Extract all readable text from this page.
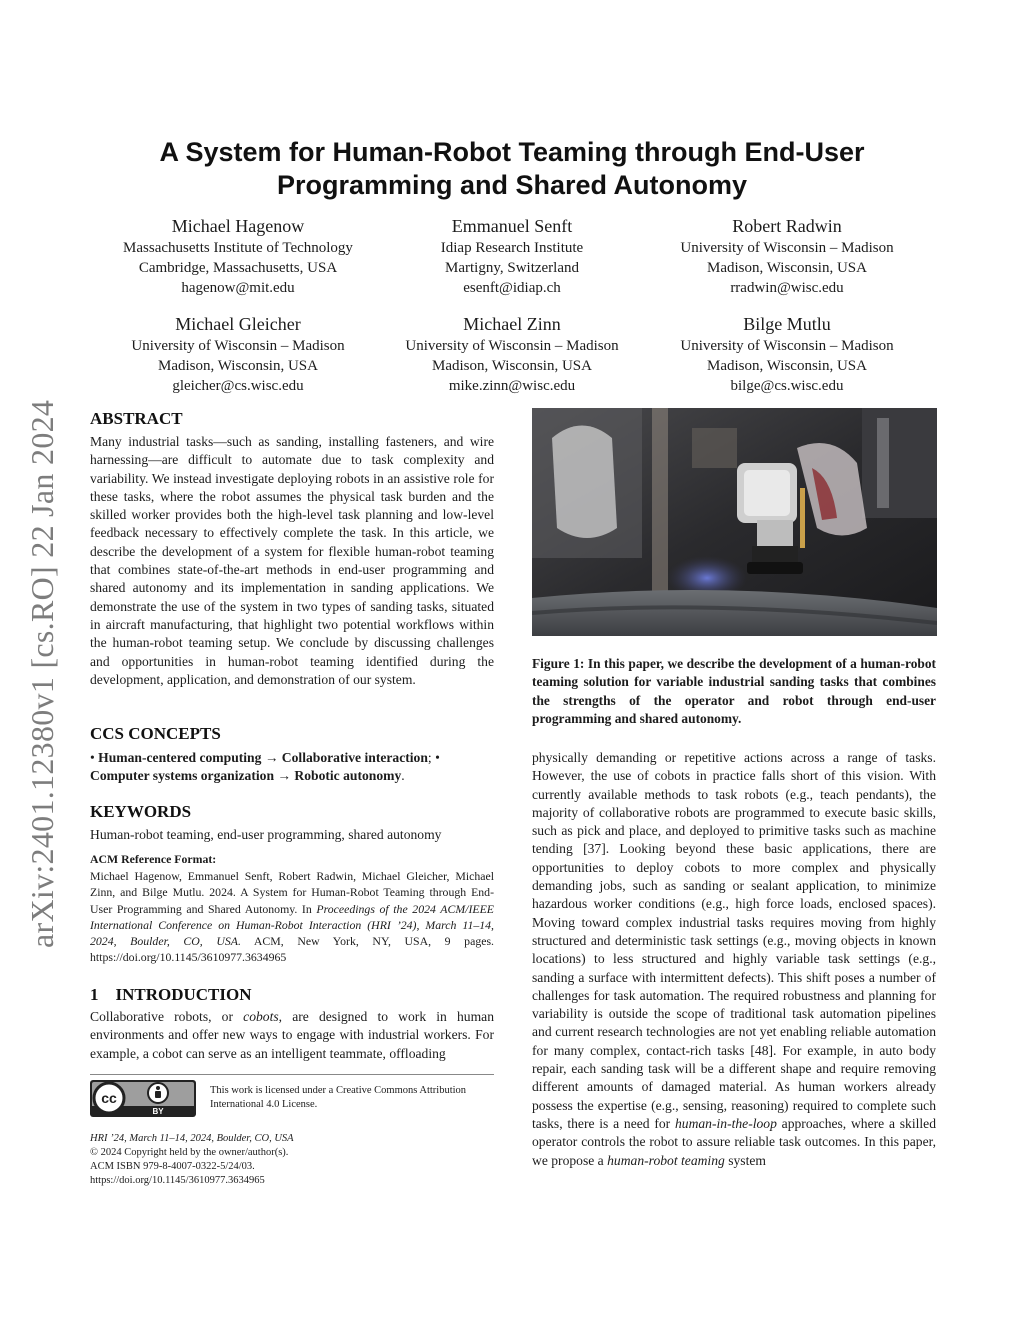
arXiv:2401.12380v1 [cs.RO] 22 Jan 2024
A System for Human-Robot Teaming through End-User
Programming and Shared Autonomy
Michael Hagenow
Massachusetts Institute of Technology
Cambridge, Massachusetts, USA
hagenow@mit.edu
Emmanuel Senft
Idiap Research Institute
Martigny, Switzerland
esenft@idiap.ch
Robert Radwin
University of Wisconsin – Madison
Madison, Wisconsin, USA
rradwin@wisc.edu
Michael Gleicher
University of Wisconsin – Madison
Madison, Wisconsin, USA
gleicher@cs.wisc.edu
Michael Zinn
University of Wisconsin – Madison
Madison, Wisconsin, USA
mike.zinn@wisc.edu
Bilge Mutlu
University of Wisconsin – Madison
Madison, Wisconsin, USA
bilge@cs.wisc.edu
ABSTRACT
Many industrial tasks—such as sanding, installing fasteners, and wire harnessing—are difficult to automate due to task complexity and variability. We instead investigate deploying robots in an assistive role for these tasks, where the robot assumes the physical task burden and the skilled worker provides both the high-level task planning and low-level feedback necessary to effectively complete the task. In this article, we describe the development of a system for flexible human-robot teaming that combines state-of-the-art methods in end-user programming and shared autonomy and its implementation in sanding applications. We demonstrate the use of the system in two types of sanding tasks, situated in aircraft manufacturing, that highlight two potential workflows within the human-robot teaming setup. We conclude by discussing challenges and opportunities in human-robot teaming identified during the development, application, and demonstration of our system.
CCS CONCEPTS
• Human-centered computing → Collaborative interaction; • Computer systems organization → Robotic autonomy.
KEYWORDS
Human-robot teaming, end-user programming, shared autonomy
ACM Reference Format:
Michael Hagenow, Emmanuel Senft, Robert Radwin, Michael Gleicher, Michael Zinn, and Bilge Mutlu. 2024. A System for Human-Robot Teaming through End-User Programming and Shared Autonomy. In Proceedings of the 2024 ACM/IEEE International Conference on Human-Robot Interaction (HRI ’24), March 11–14, 2024, Boulder, CO, USA. ACM, New York, NY, USA, 9 pages. https://doi.org/10.1145/3610977.3634965
1    INTRODUCTION
Collaborative robots, or cobots, are designed to work in human environments and offer new ways to engage with industrial workers. For example, a cobot can serve as an intelligent teammate, offloading
cc
BY
This work is licensed under a Creative Commons Attribution International 4.0 License.
HRI ’24, March 11–14, 2024, Boulder, CO, USA
© 2024 Copyright held by the owner/author(s).
ACM ISBN 979-8-4007-0322-5/24/03.
https://doi.org/10.1145/3610977.3634965
Figure 1: In this paper, we describe the development of a human-robot teaming solution for variable industrial sanding tasks that combines the strengths of the operator and robot through end-user programming and shared autonomy.
physically demanding or repetitive actions across a range of tasks. However, the use of cobots in practice falls short of this vision. With currently available methods to task robots (e.g., teach pendants), the majority of collaborative robots are programmed to execute basic skills, such as pick and place, and deployed to primitive tasks such as machine tending [37]. Looking beyond these basic applications, there are opportunities to deploy cobots to more complex and physically demanding jobs, such as sanding or sealant application, to minimize hazardous worker conditions (e.g., high force loads, enclosed spaces). Moving toward complex industrial tasks requires moving from highly structured and deterministic task settings (e.g., moving objects in known locations) to less structured and highly variable task settings (e.g., sanding a surface with intermittent defects). This shift poses a number of challenges for task automation. The required robustness and planning for variability is outside the scope of traditional task automation pipelines and current research technologies are not yet enabling reliable automation for many complex, contact-rich tasks [48]. For example, in auto body repair, each sanding task will be a different shape and require removing different amounts of damaged material. As human workers already possess the expertise (e.g., sensing, reasoning) required to complete such tasks, there is a need for human-in-the-loop approaches, where a skilled operator controls the robot to assure reliable task outcomes. In this paper, we propose a human-robot teaming system
